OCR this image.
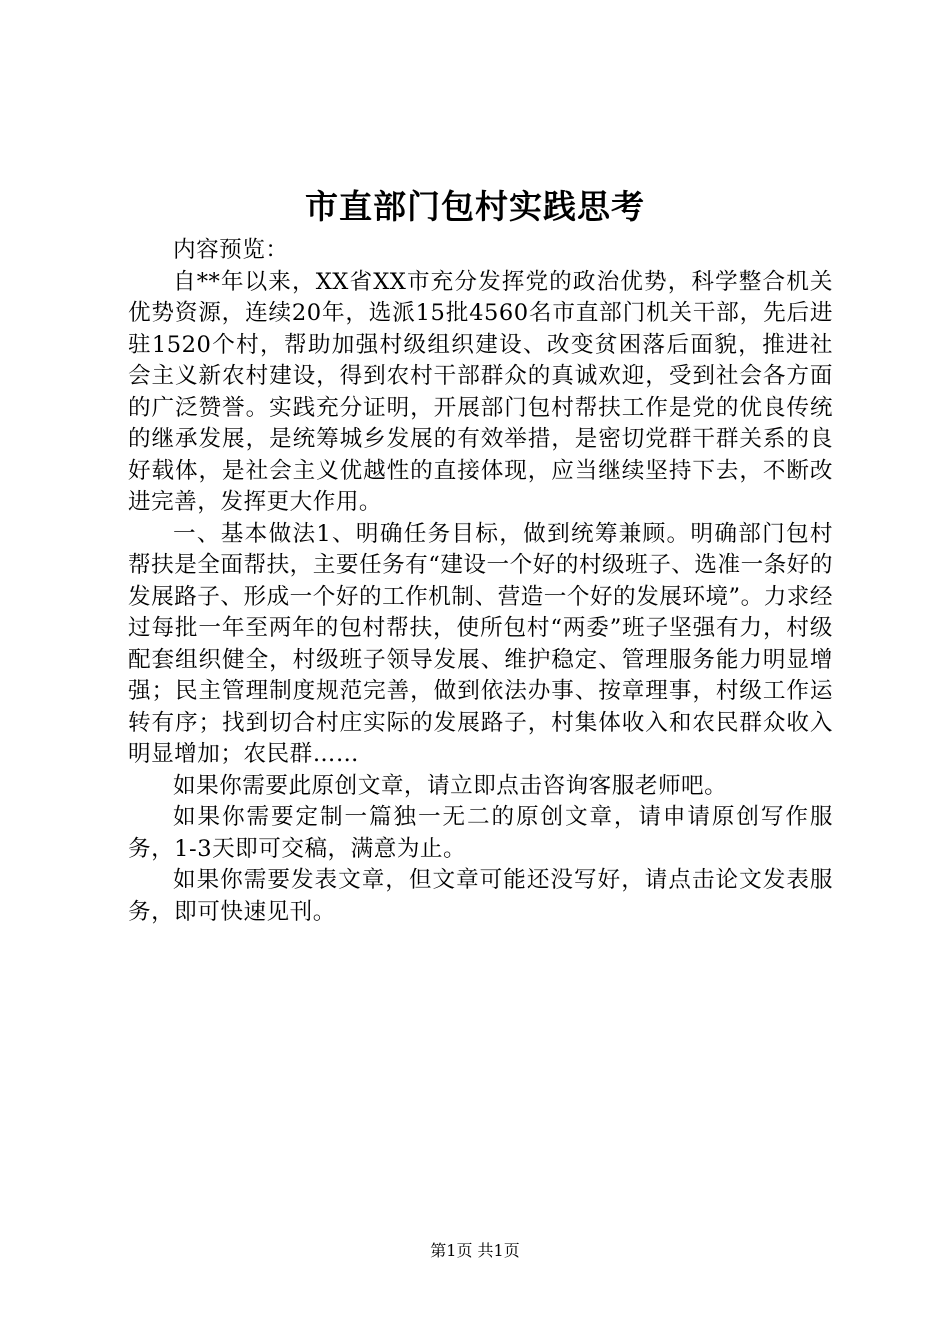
市直部门包村实践思考

内容预览：

自**年以来，XX省XX市充分发挥党的政治优势，科学整合机关优势资源，连续20年，选派15批4560名市直部门机关干部，先后进驻1520个村，帮助加强村级组织建设、改变贫困落后面貌，推进社会主义新农村建设，得到农村干部群众的真诚欢迎，受到社会各方面的广泛赞誉。实践充分证明，开展部门包村帮扶工作是党的优良传统的继承发展，是统筹城乡发展的有效举措，是密切党群干群关系的良好载体，是社会主义优越性的直接体现，应当继续坚持下去，不断改进完善，发挥更大作用。

一、基本做法1、明确任务目标，做到统筹兼顾。明确部门包村帮扶是全面帮扶，主要任务有“建设一个好的村级班子、选准一条好的发展路子、形成一个好的工作机制、营造一个好的发展环境”。力求经过每批一年至两年的包村帮扶，使所包村“两委”班子坚强有力，村级配套组织健全，村级班子领导发展、维护稳定、管理服务能力明显增强；民主管理制度规范完善，做到依法办事、按章理事，村级工作运转有序；找到切合村庄实际的发展路子，村集体收入和农民群众收入明显增加；农民群……

如果你需要此原创文章，请立即点击咨询客服老师吧。

如果你需要定制一篇独一无二的原创文章，请申请原创写作服务，1-3天即可交稿，满意为止。

如果你需要发表文章，但文章可能还没写好，请点击论文发表服务，即可快速见刊。

第1页 共1页
